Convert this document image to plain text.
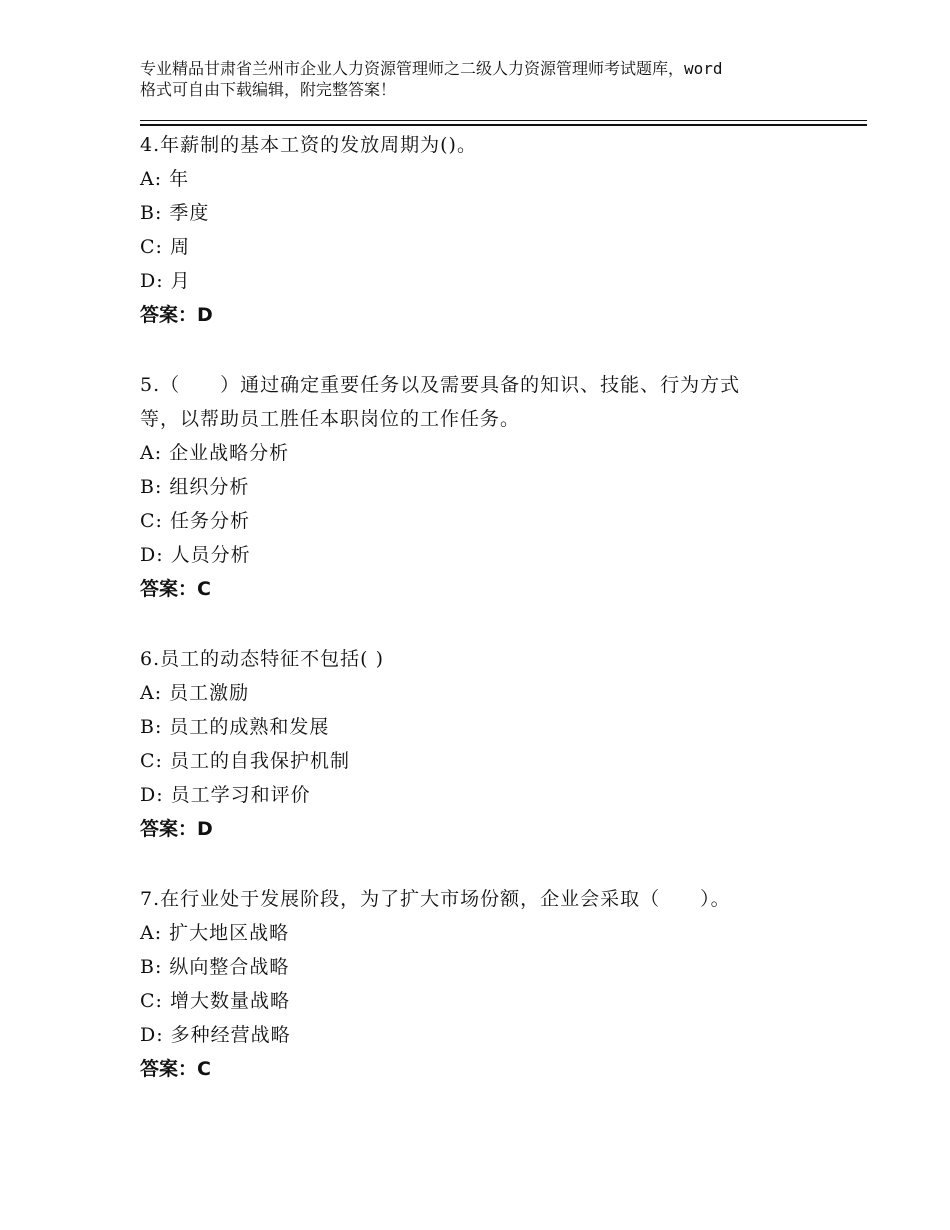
专业精品甘肃省兰州市企业人力资源管理师之二级人力资源管理师考试题库，word
格式可自由下载编辑，附完整答案！

4.年薪制的基本工资的发放周期为()。

A: 年

B: 季度

C: 周

D: 月

答案：D

5.（　　）通过确定重要任务以及需要具备的知识、技能、行为方式

等，以帮助员工胜任本职岗位的工作任务。

A: 企业战略分析

B: 组织分析

C: 任务分析

D: 人员分析

答案：C

6.员工的动态特征不包括( )

A: 员工激励

B: 员工的成熟和发展

C: 员工的自我保护机制

D: 员工学习和评价

答案：D

7.在行业处于发展阶段，为了扩大市场份额，企业会采取（　　）。

A: 扩大地区战略

B: 纵向整合战略

C: 增大数量战略

D: 多种经营战略

答案：C
